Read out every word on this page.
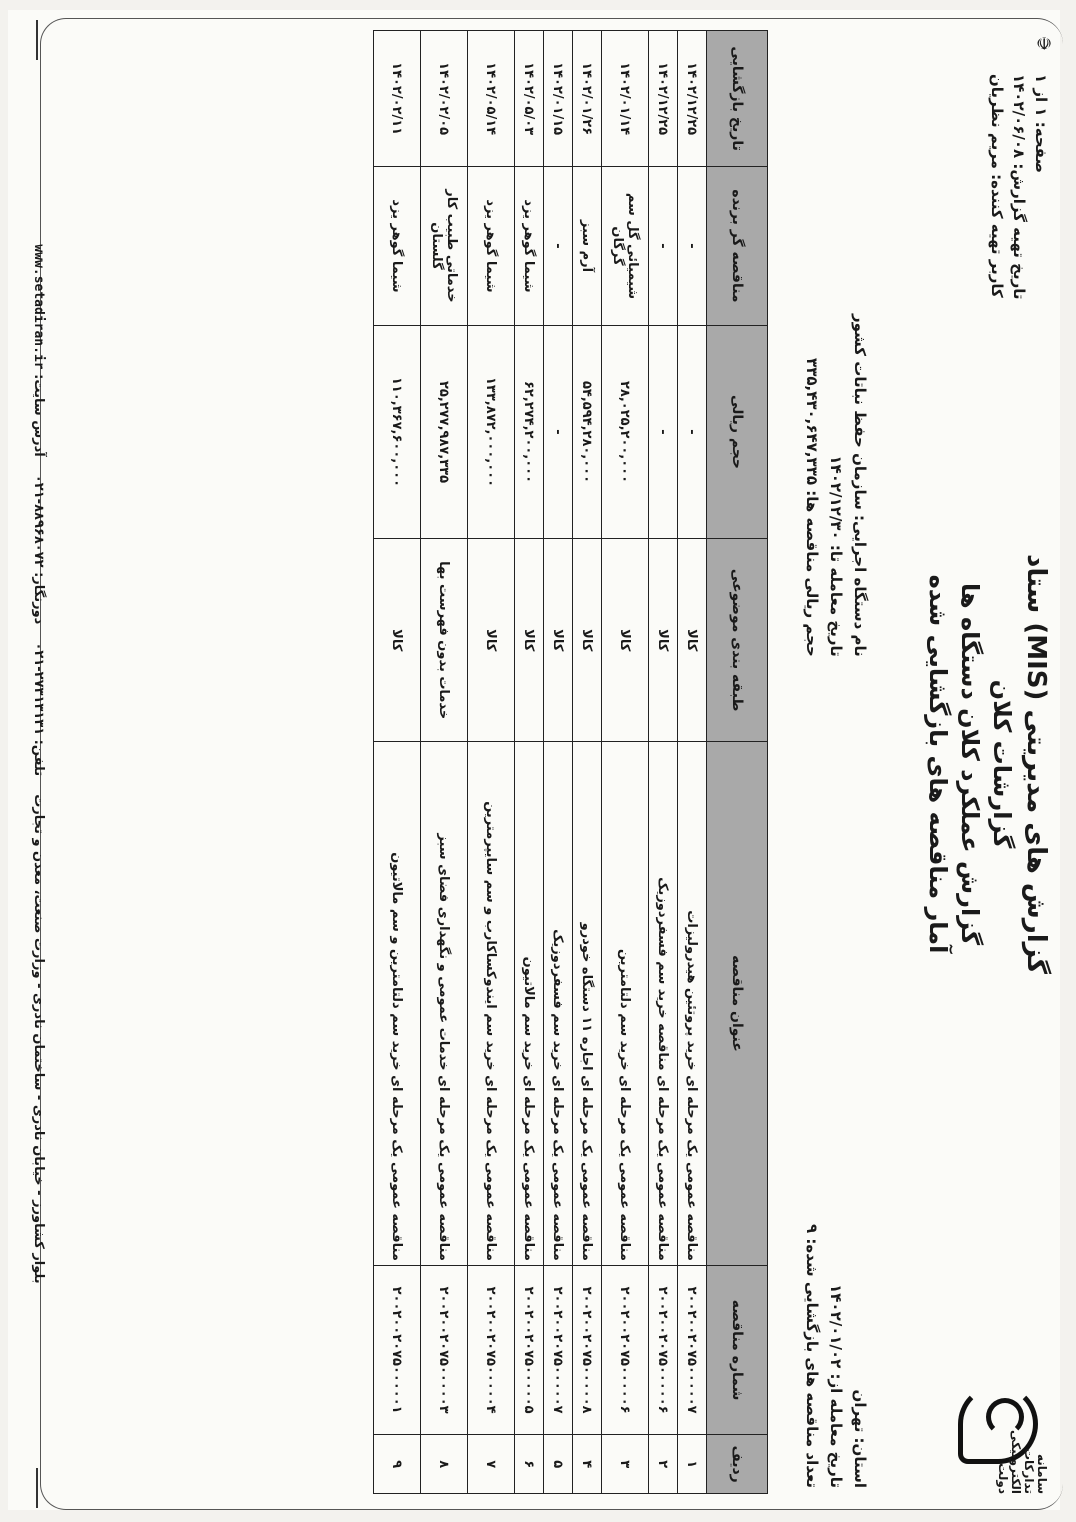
☫
صفحه: ۱ از ۱
تاریخ تهیه گزارش: ۱۴۰۲/۰۶/۰۸
کاربر تهیه کننده: مریم نظریان
گزارش های مدیریتی (MIS) ستاد
گزارشات کلان
گزارش عملکرد کلان دستگاه ها
آمار مناقصه های بازگشایی شده
سامانه تدارکات الکترونیکی دولت
استان: تهران
تاریخ معامله از: ۱۴۰۲/۰۱/۰۲
تعداد مناقصه های بازگشایی شده: ۹
نام دستگاه اجرایی: سازمان حفظ نباتات کشور
تاریخ معامله تا: ۱۴۰۲/۱۲/۳۰
حجم ریالی مناقصه ها: ۳۳۵,۴۳۰,۶۴۷,۳۳۵
ردیف	شماره مناقصه	عنوان مناقصه	طبقه بندی موضوعی	حجم ریالی	مناقصه گر برنده	تاریخ بازگشایی
۱	۲۰۰۲۰۰۲۰۷۵۰۰۰۰۰۷	مناقصه عمومی یک مرحله ای خرید پروتئین هیدرولیزات	کالا	-	-	۱۴۰۲/۱۲/۲۵
۲	۲۰۰۲۰۰۲۰۷۵۰۰۰۰۰۶	مناقصه عمومی یک مرحله ای مناقصه خرید سم فسفردوزیک	کالا	-	-	۱۴۰۲/۱۲/۲۵
۳	۲۰۰۲۰۰۲۰۷۵۰۰۰۰۰۶	مناقصه عمومی یک مرحله ای خرید سم دلتامترین	کالا	۲۸,۰۲۵,۲۰۰,۰۰۰	شیمیائی گل سم گرگان	۱۴۰۲/۰۱/۱۴
۴	۲۰۰۲۰۰۲۰۷۵۰۰۰۰۰۸	مناقصه عمومی یک مرحله ای اجاره ۱۱ دستگاه خودرو	کالا	۵۴,۵۹۴,۲۸۰,۰۰۰	آرم سبز	۱۴۰۲/۰۱/۲۶
۵	۲۰۰۲۰۰۲۰۷۵۰۰۰۰۰۷	مناقصه عمومی یک مرحله ای خرید سم فسفردوزیک	کالا	-	-	۱۴۰۲/۰۱/۱۵
۶	۲۰۰۲۰۰۲۰۷۵۰۰۰۰۰۵	مناقصه عمومی یک مرحله ای خرید سم مالاتیون	کالا	۶۲,۲۷۴,۲۰۰,۰۰۰	شیما گوهر یزد	۱۴۰۲/۰۵/۰۳
۷	۲۰۰۲۰۰۲۰۷۵۰۰۰۰۰۴	مناقصه عمومی یک مرحله ای خرید سم ایندوکساکارب و سم سایپرمترین	کالا	۱۳۳,۸۷۲,۰۰۰,۰۰۰	شیما گوهر یزد	۱۴۰۲/۰۵/۱۴
۸	۲۰۰۲۰۰۲۰۷۵۰۰۰۰۰۳	مناقصه عمومی یک مرحله ای خدمات عمومی و نگهداری فضای سبز	خدمات بدون فهرست بها	۲۵,۲۷۷,۹۸۷,۳۳۵	خدماتی طبیب کار گلستان	۱۴۰۲/۰۲/۰۵
۹	۲۰۰۲۰۰۲۰۷۵۰۰۰۰۰۱	مناقصه عمومی یک مرحله ای خرید سم دلتامترین و سم مالاتیون	کالا	۱۱۰,۳۶۷,۶۰۰,۰۰۰	شیما گوهر یزد	۱۴۰۲/۰۲/۱۱
بلوار کشاورز - خیابان نادری - ساختمان نادری - وزارت صنعت، معدن و تجارت    تلفن: ۲۷۳۱۳۱۳۱-۰۲۱    دورنگار: ۸۸۹۶۸۰۷۲-۰۲۱    آدرس سایت: www.setadiran.ir
